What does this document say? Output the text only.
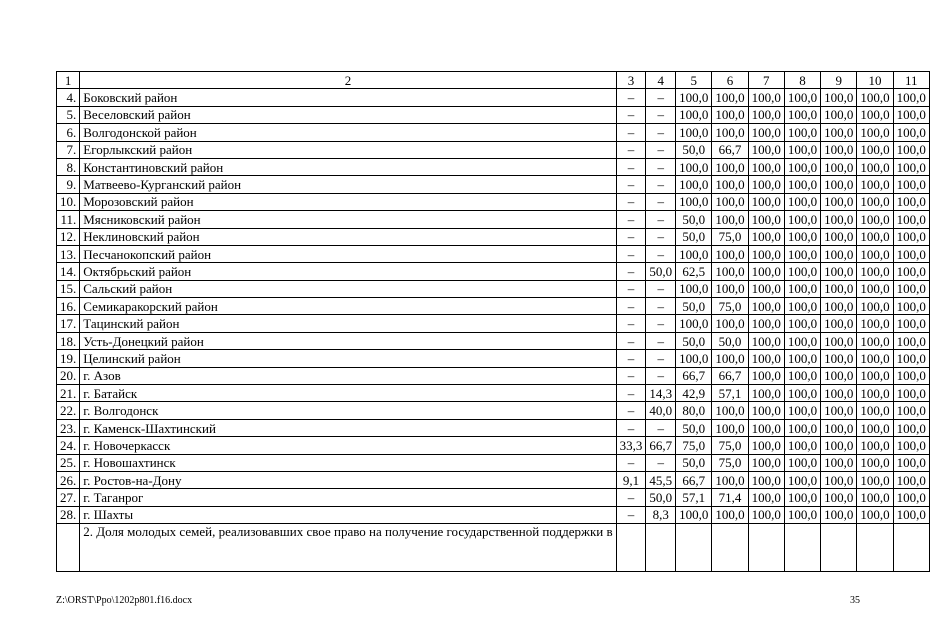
1	2	3	4	5	6	7	8	9	10	11
4.	Боковский район	–	–	100,0	100,0	100,0	100,0	100,0	100,0	100,0
5.	Веселовский район	–	–	100,0	100,0	100,0	100,0	100,0	100,0	100,0
6.	Волгодонской район	–	–	100,0	100,0	100,0	100,0	100,0	100,0	100,0
7.	Егорлыкский район	–	–	50,0	66,7	100,0	100,0	100,0	100,0	100,0
8.	Константиновский район	–	–	100,0	100,0	100,0	100,0	100,0	100,0	100,0
9.	Матвеево-Курганский район	–	–	100,0	100,0	100,0	100,0	100,0	100,0	100,0
10.	Морозовский район	–	–	100,0	100,0	100,0	100,0	100,0	100,0	100,0
11.	Мясниковский район	–	–	50,0	100,0	100,0	100,0	100,0	100,0	100,0
12.	Неклиновский район	–	–	50,0	75,0	100,0	100,0	100,0	100,0	100,0
13.	Песчанокопский район	–	–	100,0	100,0	100,0	100,0	100,0	100,0	100,0
14.	Октябрьский район	–	50,0	62,5	100,0	100,0	100,0	100,0	100,0	100,0
15.	Сальский район	–	–	100,0	100,0	100,0	100,0	100,0	100,0	100,0
16.	Семикаракорский район	–	–	50,0	75,0	100,0	100,0	100,0	100,0	100,0
17.	Тацинский район	–	–	100,0	100,0	100,0	100,0	100,0	100,0	100,0
18.	Усть-Донецкий район	–	–	50,0	50,0	100,0	100,0	100,0	100,0	100,0
19.	Целинский район	–	–	100,0	100,0	100,0	100,0	100,0	100,0	100,0
20.	г. Азов	–	–	66,7	66,7	100,0	100,0	100,0	100,0	100,0
21.	г. Батайск	–	14,3	42,9	57,1	100,0	100,0	100,0	100,0	100,0
22.	г. Волгодонск	–	40,0	80,0	100,0	100,0	100,0	100,0	100,0	100,0
23.	г. Каменск-Шахтинский	–	–	50,0	100,0	100,0	100,0	100,0	100,0	100,0
24.	г. Новочеркасск	33,3	66,7	75,0	75,0	100,0	100,0	100,0	100,0	100,0
25.	г. Новошахтинск	–	–	50,0	75,0	100,0	100,0	100,0	100,0	100,0
26.	г. Ростов-на-Дону	9,1	45,5	66,7	100,0	100,0	100,0	100,0	100,0	100,0
27.	г. Таганрог	–	50,0	57,1	71,4	100,0	100,0	100,0	100,0	100,0
28.	г. Шахты	–	8,3	100,0	100,0	100,0	100,0	100,0	100,0	100,0
	2. Доля молодых семей, реализовавших свое право на получение государственной поддержки в									
Z:\ORST\Ppo\1202p801.f16.docx	35
